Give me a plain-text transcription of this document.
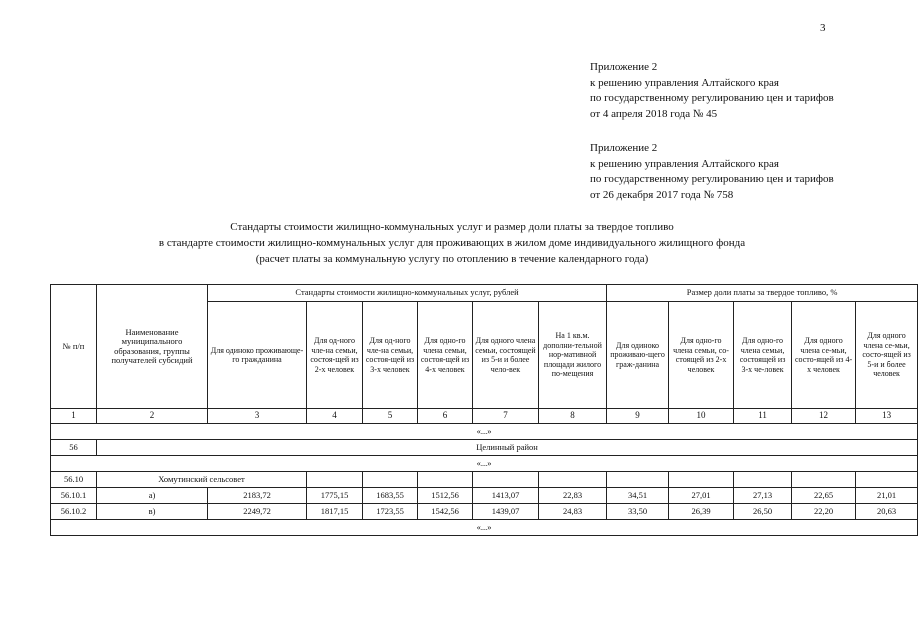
3
Приложение 2
к решению управления Алтайского края
по государственному регулированию цен и тарифов
от 4 апреля 2018 года № 45
Приложение 2
к решению управления Алтайского края
по государственному регулированию цен и тарифов
от 26 декабря 2017 года № 758
Стандарты стоимости жилищно-коммунальных услуг и размер доли платы за твердое топливо
в стандарте стоимости жилищно-коммунальных услуг для проживающих в жилом доме индивидуального жилищного фонда
(расчет платы за коммунальную услугу по отоплению в течение календарного года)
№ п/п	Наименование муниципального образования, группы получателей субсидий	Стандарты стоимости жилищно-коммунальных услуг, рублей						Размер доли платы за твердое топливо, %				
		Для одиноко проживающе-го гражданина	Для од-ного чле-на семьи, состоя-щей из 2-х человек	Для од-ного чле-на семьи, состоя-щей из 3-х человек	Для одно-го члена семьи, состоя-щей из 4-х человек	Для одного члена семьи, состоящей из 5-и и более чело-век	На 1 кв.м. дополни-тельной нор-мативной площади жилого по-мещения	Для одиноко проживаю-щего граж-данина	Для одно-го члена семьи, со-стоящей из 2-х человек	Для одно-го члена семьи, состоящей из 3-х че-ловек	Для одного члена се-мьи, состо-ящей из 4-х человек	Для одного члена се-мьи, состо-ящей из 5-и и более человек
1	2	3	4	5	6	7	8	9	10	11	12	13
«...»												
56	Целинный район											
«...»												
56.10	Хомутинский сельсовет											
56.10.1	а)	2183,72	1775,15	1683,55	1512,56	1413,07	22,83	34,51	27,01	27,13	22,65	21,01
56.10.2	в)	2249,72	1817,15	1723,55	1542,56	1439,07	24,83	33,50	26,39	26,50	22,20	20,63
«...»												
